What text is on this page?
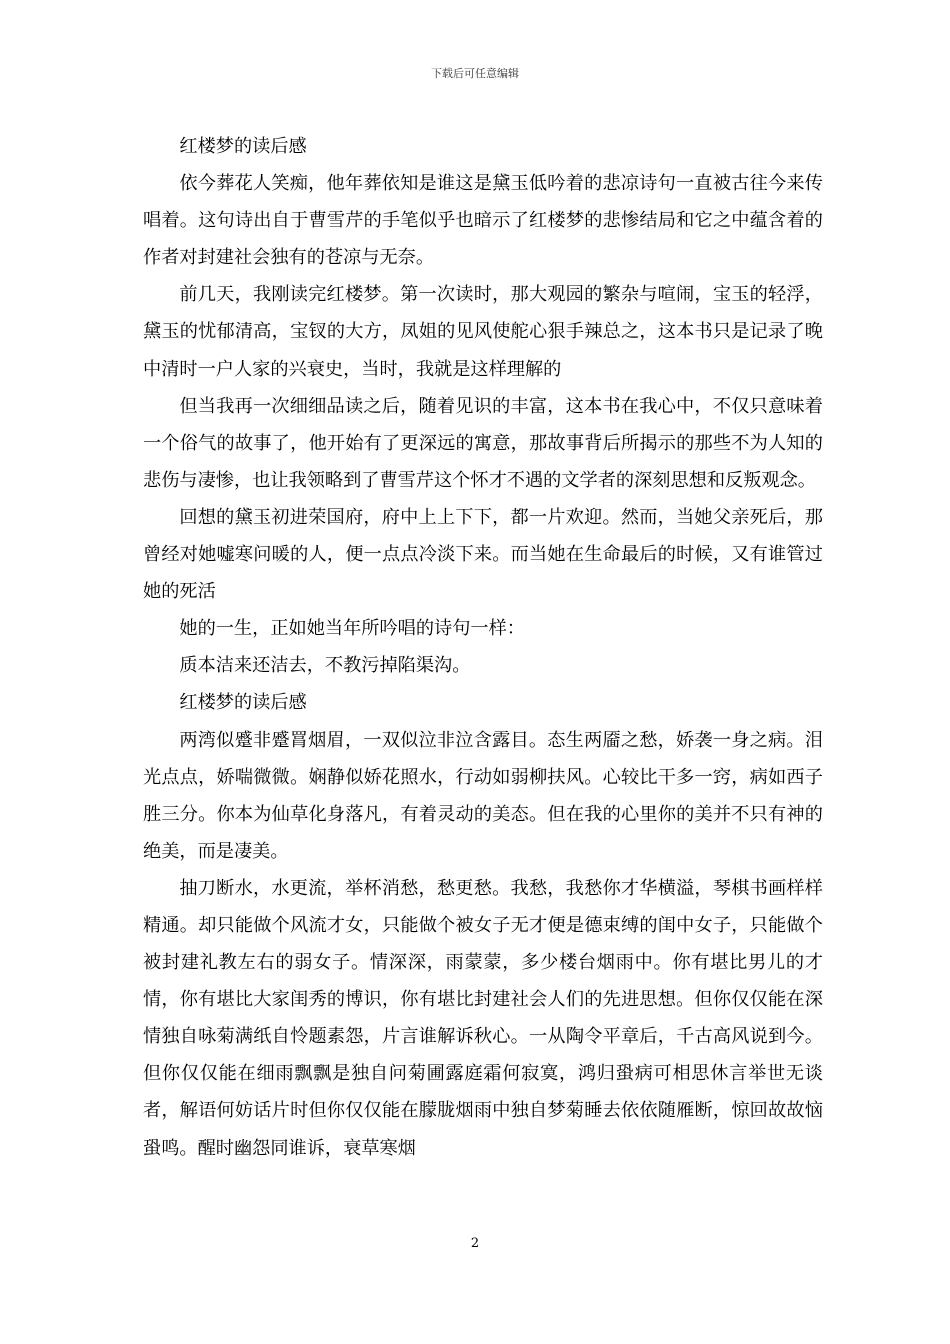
下载后可任意编辑

红楼梦的读后感

依今葬花人笑痴，他年葬依知是谁这是黛玉低吟着的悲凉诗句一直被古往今来传唱着。这句诗出自于曹雪芹的手笔似乎也暗示了红楼梦的悲惨结局和它之中蕴含着的作者对封建社会独有的苍凉与无奈。

前几天，我刚读完红楼梦。第一次读时，那大观园的繁杂与喧闹，宝玉的轻浮，黛玉的忧郁清高，宝钗的大方，凤姐的见风使舵心狠手辣总之，这本书只是记录了晚中清时一户人家的兴衰史，当时，我就是这样理解的

但当我再一次细细品读之后，随着见识的丰富，这本书在我心中，不仅只意味着一个俗气的故事了，他开始有了更深远的寓意，那故事背后所揭示的那些不为人知的悲伤与凄惨，也让我领略到了曹雪芹这个怀才不遇的文学者的深刻思想和反叛观念。

回想的黛玉初进荣国府，府中上上下下，都一片欢迎。然而，当她父亲死后，那曾经对她嘘寒问暖的人，便一点点冷淡下来。而当她在生命最后的时候，又有谁管过她的死活

她的一生，正如她当年所吟唱的诗句一样：

质本洁来还洁去，不教污掉陷渠沟。

红楼梦的读后感

两湾似蹙非蹙罥烟眉，一双似泣非泣含露目。态生两靥之愁，娇袭一身之病。泪光点点，娇喘微微。娴静似娇花照水，行动如弱柳扶风。心较比干多一窍，病如西子胜三分。你本为仙草化身落凡，有着灵动的美态。但在我的心里你的美并不只有神的绝美，而是凄美。

抽刀断水，水更流，举杯消愁，愁更愁。我愁，我愁你才华横溢，琴棋书画样样精通。却只能做个风流才女，只能做个被女子无才便是德束缚的闺中女子，只能做个被封建礼教左右的弱女子。情深深，雨蒙蒙，多少楼台烟雨中。你有堪比男儿的才情，你有堪比大家闺秀的博识，你有堪比封建社会人们的先进思想。但你仅仅能在深情独自咏菊满纸自怜题素怨，片言谁解诉秋心。一从陶令平章后，千古高风说到今。但你仅仅能在细雨飘飘是独自问菊圃露庭霜何寂寞，鸿归蛩病可相思休言举世无谈者，解语何妨话片时但你仅仅能在朦胧烟雨中独自梦菊睡去依依随雁断，惊回故故恼蛩鸣。醒时幽怨同谁诉，衰草寒烟

2
